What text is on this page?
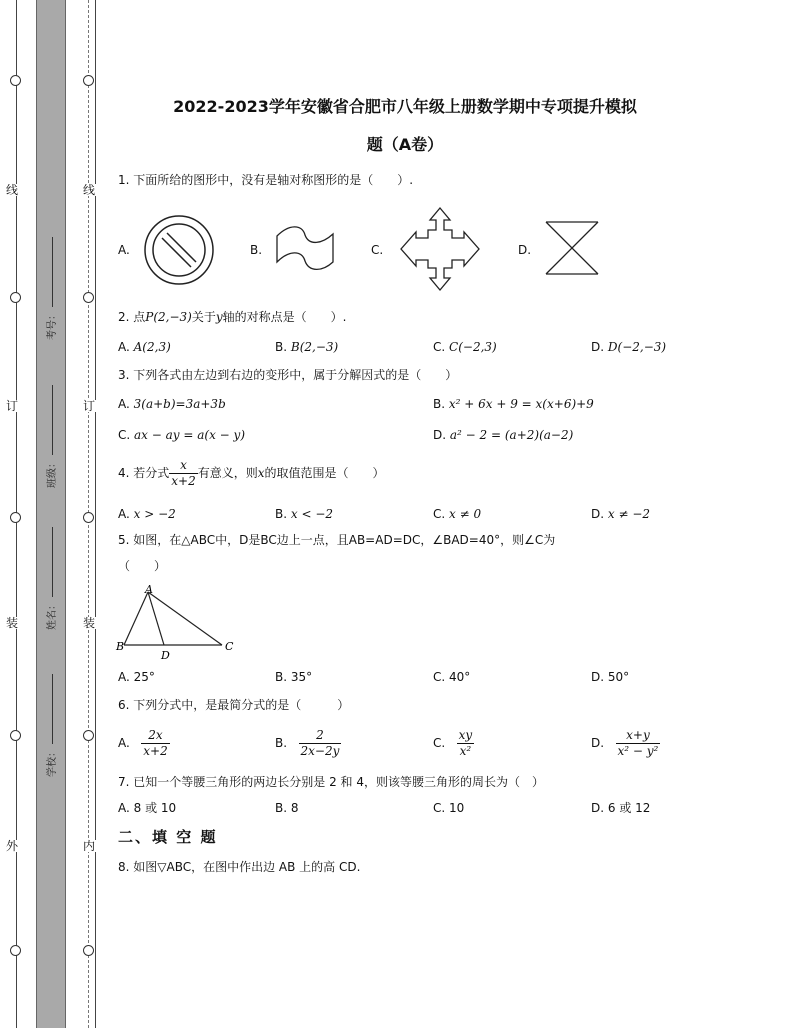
线
订
装
外
线
订
装
内
考号：
班级：
姓名：
学校：
2022-2023学年安徽省合肥市八年级上册数学期中专项提升模拟
题（A卷）
1. 下面所给的图形中，没有是轴对称图形的是（　　）.
A.	B.	C.	D.
2. 点P(2,−3)关于y轴的对称点是（　　）.
A. A(2,3)	B. B(2,−3)	C. C(−2,3)	D. D(−2,−3)
3. 下列各式由左边到右边的变形中，属于分解因式的是（　　）
A. 3(a+b)=3a+3b	B. x² + 6x + 9 = x(x+6)+9
C. ax − ay = a(x − y)	D. a² − 2 = (a+2)(a−2)
4. 若分式 $\frac{x}{x+2}$ 有意义，则x的取值范围是（　　）
A. x > −2	B. x < −2	C. x ≠ 0	D. x ≠ −2
5. 如图，在△ABC中，D是BC边上一点，且AB=AD=DC，∠BAD=40°，则∠C为
（　　）
A
B
D
C
A. 25°	B. 35°	C. 40°	D. 50°
6. 下列分式中，是最简分式的是（　　　）
A. $\frac{2x}{x+2}$	B. $\frac{2}{2x-2y}$	C. $\frac{xy}{\text{x²}}$	D. $\frac{x+y}{\text{x² − y²}}$
7. 已知一个等腰三角形的两边长分别是 2 和 4，则该等腰三角形的周长为（　）
A. 8 或 10	B. 8	C. 10	D. 6 或 12
二、填 空 题
8. 如图▽ABC，在图中作出边 AB 上的高 CD.
